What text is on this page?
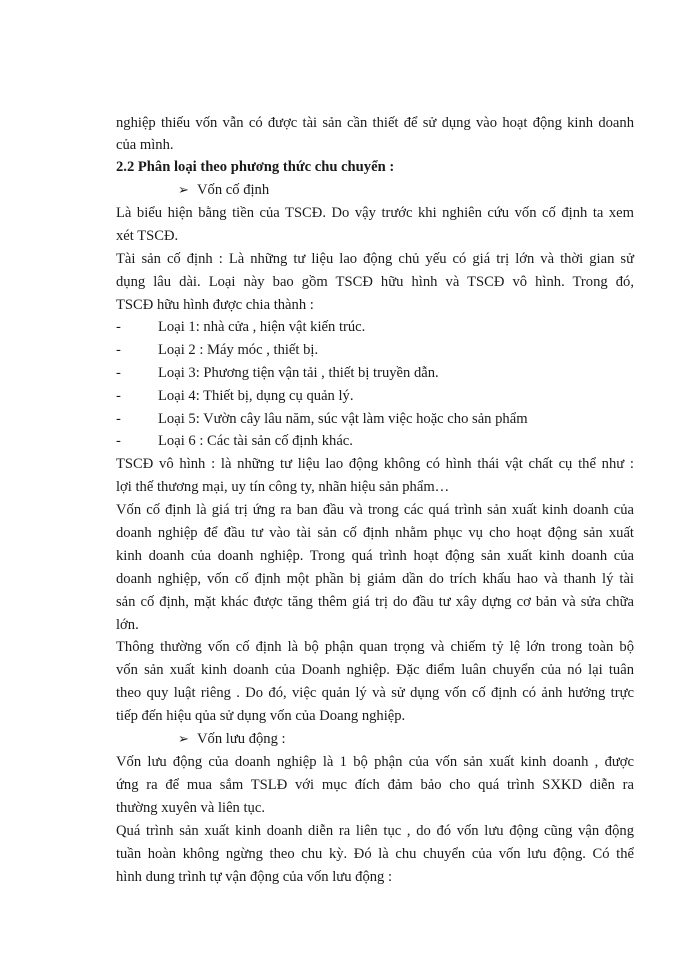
nghiệp thiếu vốn vẫn có được tài sản cần thiết để sử dụng vào hoạt động kinh doanh
của mình.
2.2 Phân loại theo phương thức chu chuyển :
➢ Vốn cố định
Là biểu hiện bằng tiền của TSCĐ. Do vậy trước khi nghiên cứu vốn cố định ta xem
xét TSCĐ.
Tài sản cố định : Là những tư liệu lao động chủ yếu có giá trị lớn và thời gian sử
dụng lâu dài. Loại này bao gồm TSCĐ hữu hình và TSCĐ vô hình. Trong đó,
TSCĐ hữu hình được chia thành :
-	Loại 1: nhà cửa , hiện vật kiến trúc.
-	Loại 2 : Máy móc , thiết bị.
-	Loại 3: Phương tiện vận tải , thiết bị truyền dẫn.
-	Loại 4: Thiết bị, dụng cụ quản lý.
-	Loại 5: Vườn cây lâu năm, súc vật làm việc hoặc cho sản phẩm
-	Loại 6 : Các tài sản cố định khác.
TSCĐ vô hình : là những tư liệu lao động không có hình thái vật chất cụ thể như :
lợi thế thương mại, uy tín công ty, nhãn hiệu sản phẩm…
Vốn cố định là giá trị ứng ra ban đầu và trong các quá trình sản xuất kinh doanh của
doanh nghiệp để đầu tư vào tài sản cố định nhằm phục vụ cho hoạt động sản xuất
kinh doanh của doanh nghiệp. Trong quá trình hoạt động sản xuất kinh doanh của
doanh nghiệp, vốn cố định một phần bị giảm dần do trích khấu hao và thanh lý tài
sản cố định, mặt khác được tăng thêm giá trị do đầu tư xây dựng cơ bản và sửa chữa
lớn.
Thông thường vốn cố định là bộ phận quan trọng và chiếm tỷ lệ lớn trong toàn bộ
vốn sản xuất kinh doanh của Doanh nghiệp. Đặc điểm luân chuyển của nó lại tuân
theo quy luật riêng . Do đó, việc quản lý và sử dụng vốn cố định có ảnh hưởng trực
tiếp đến hiệu qủa sử dụng vốn của Doang nghiệp.
➢ Vốn lưu động :
Vốn lưu động của doanh nghiệp là 1 bộ phận của vốn sản xuất kinh doanh , được
ứng ra để mua sắm TSLĐ với mục đích đảm bảo cho quá trình SXKD diễn ra
thường xuyên và liên tục.
Quá trình sản xuất kinh doanh diễn ra liên tục , do đó vốn lưu động cũng vận động
tuần hoàn không ngừng theo chu kỳ. Đó là chu chuyển của vốn lưu động. Có thể
hình dung trình tự vận động của vốn lưu động :
